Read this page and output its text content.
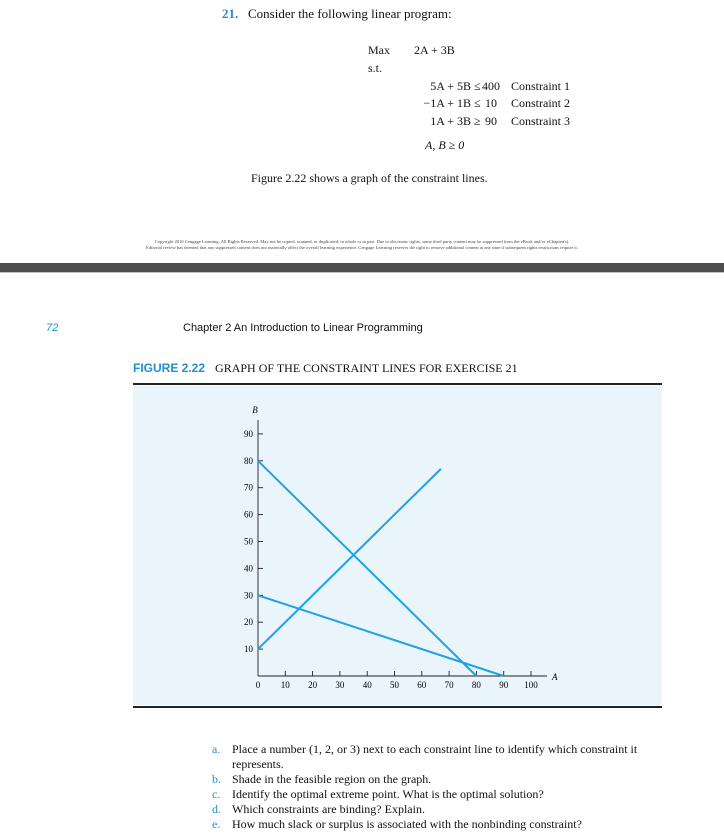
21. Consider the following linear program:
Max 2A + 3B
s.t.
5A + 5B ≤ 400 Constraint 1
−1A + 1B ≤ 10 Constraint 2
1A + 3B ≥ 90 Constraint 3
A, B ≥ 0
Figure 2.22 shows a graph of the constraint lines.
Copyright 2016 Cengage Learning. All Rights Reserved. May not be copied, scanned, or duplicated, in whole or in part. Due to electronic rights, some third party content may be suppressed from the eBook and/or eChapter(s).
Editorial review has deemed that any suppressed content does not materially affect the overall learning experience. Cengage Learning reserves the right to remove additional content at any time if subsequent rights restrictions require it.
72	Chapter 2 An Introduction to Linear Programming
FIGURE 2.22 GRAPH OF THE CONSTRAINT LINES FOR EXERCISE 21
B
A
0 10 20 30 40 50 60 70 80 90 100
10
20
30
40
50
60
70
80
90
a. Place a number (1, 2, or 3) next to each constraint line to identify which constraint it represents.
b. Shade in the feasible region on the graph.
c. Identify the optimal extreme point. What is the optimal solution?
d. Which constraints are binding? Explain.
e. How much slack or surplus is associated with the nonbinding constraint?
